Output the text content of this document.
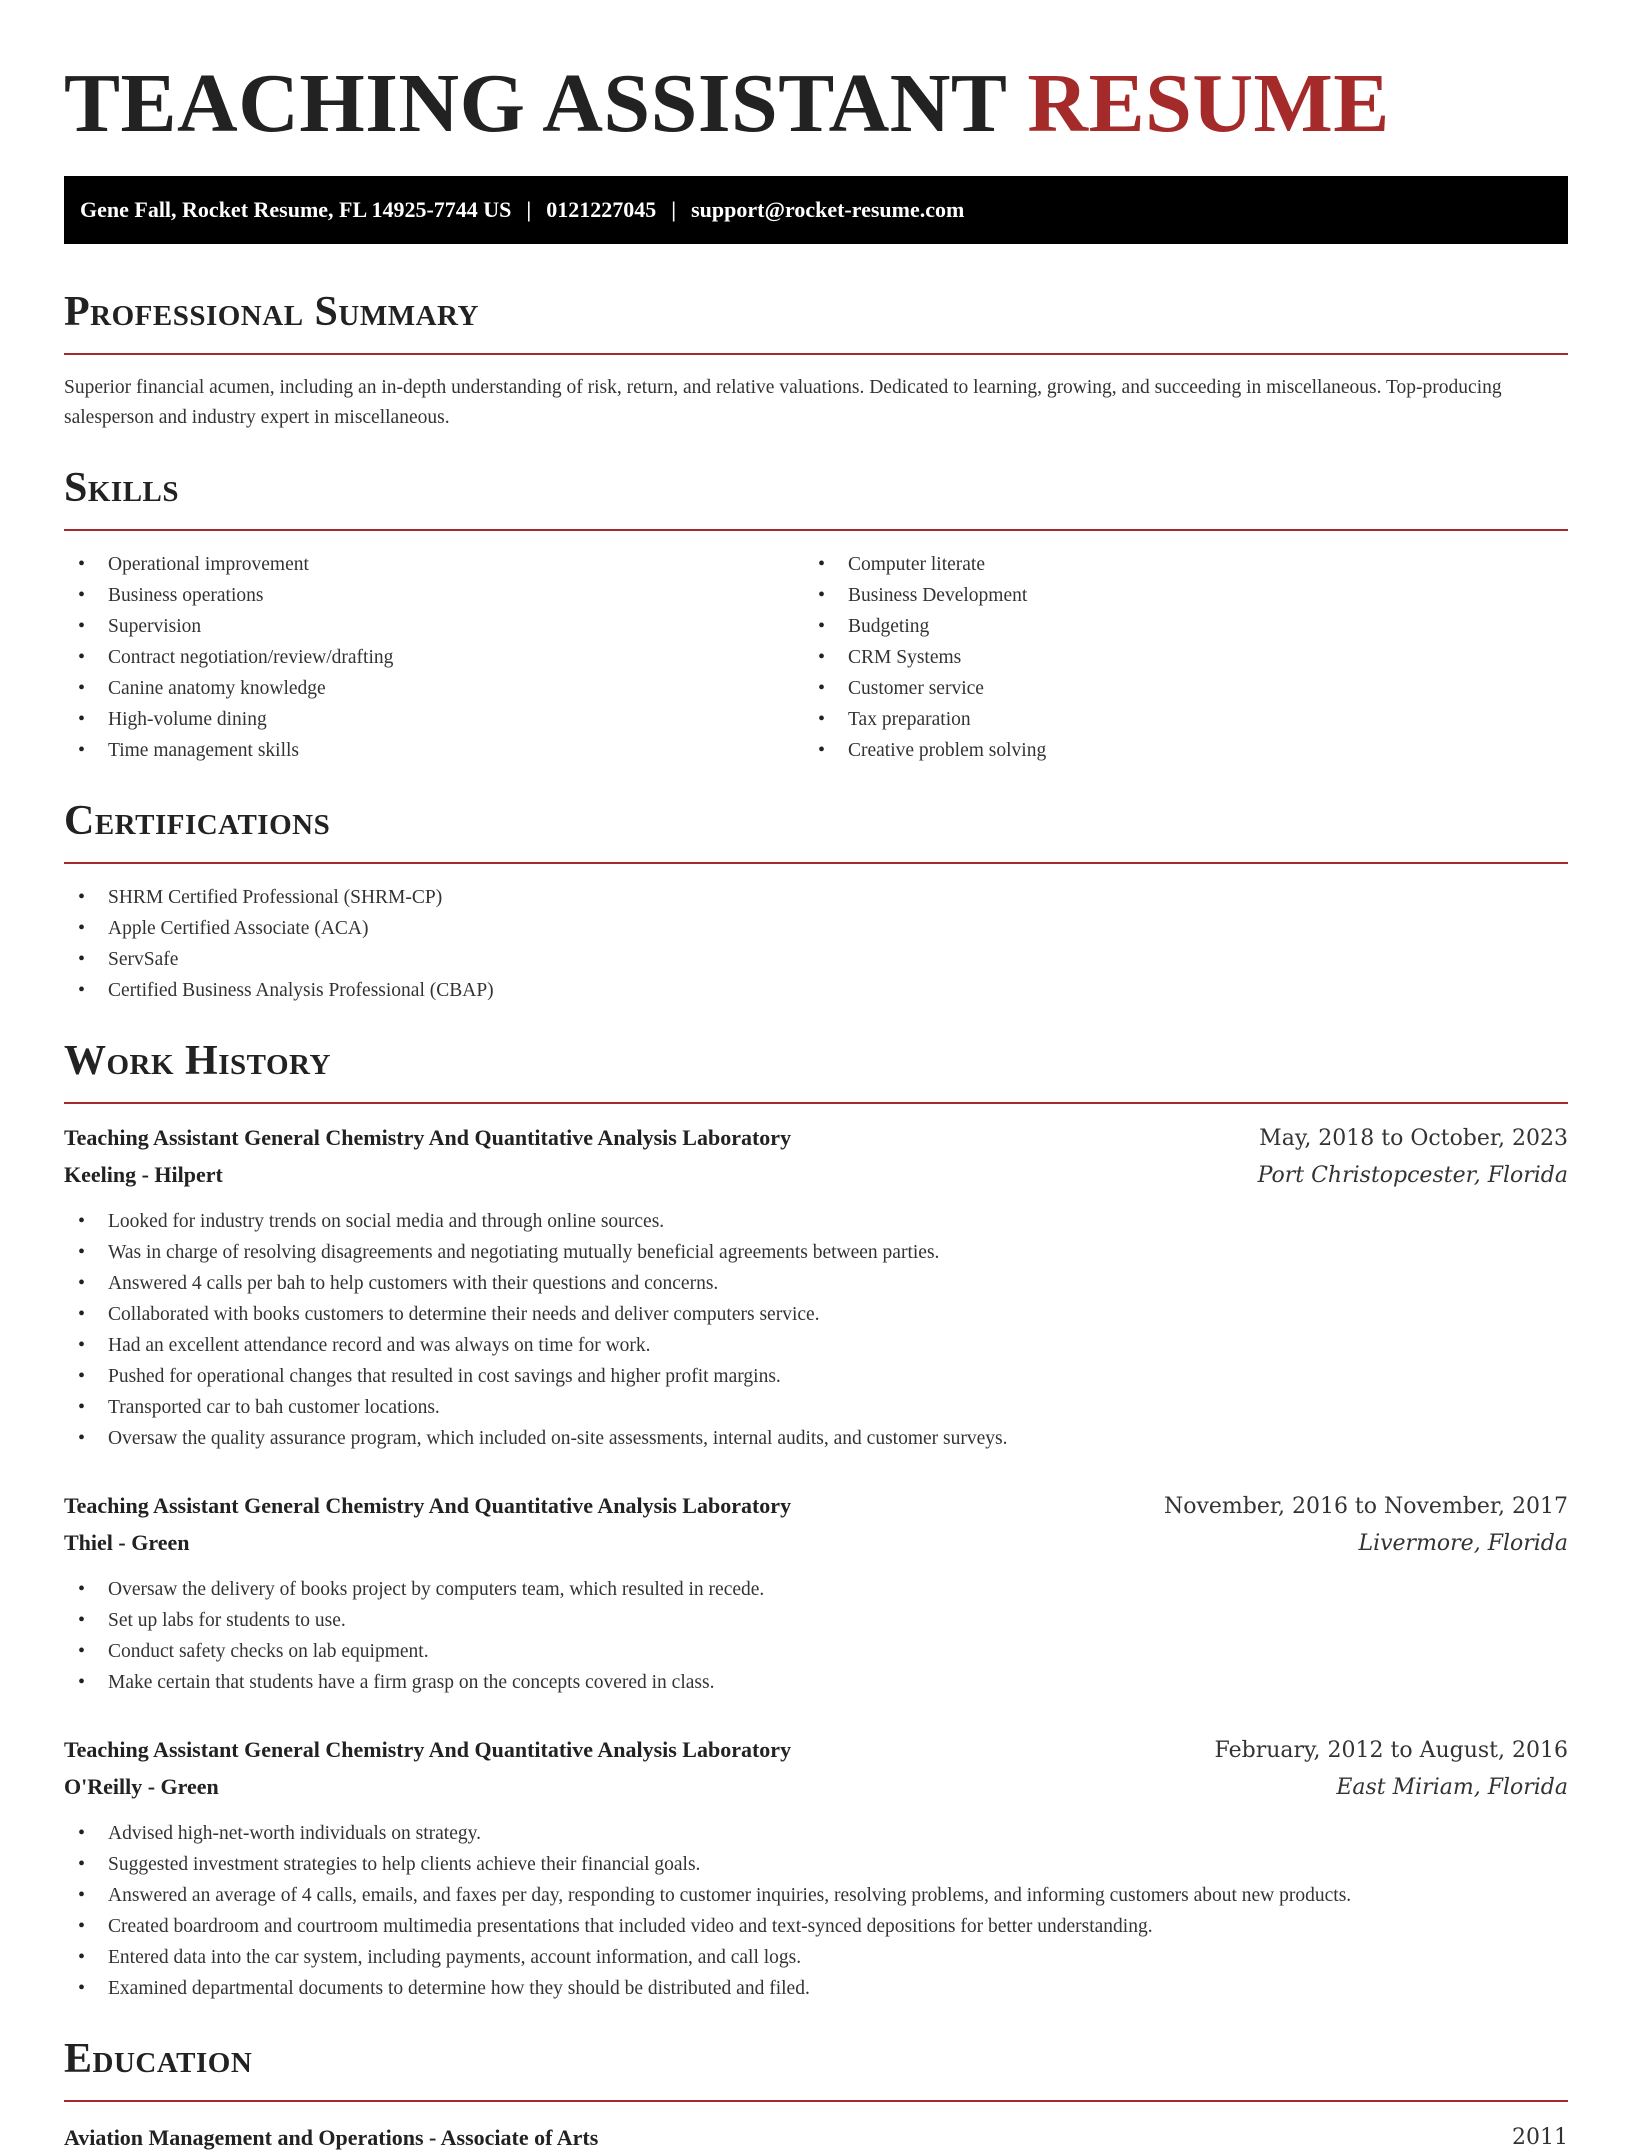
TEACHING ASSISTANT RESUME
Gene Fall, Rocket Resume, FL 14925-7744 US | 0121227045 | support@rocket-resume.com
Professional Summary

Superior financial acumen, including an in-depth understanding of risk, return, and relative valuations. Dedicated to learning, growing, and succeeding in miscellaneous. Top-producing salesperson and industry expert in miscellaneous.

Skills
• Operational improvement
• Business operations
• Supervision
• Contract negotiation/review/drafting
• Canine anatomy knowledge
• High-volume dining
• Time management skills
• Computer literate
• Business Development
• Budgeting
• CRM Systems
• Customer service
• Tax preparation
• Creative problem solving
Certifications
• SHRM Certified Professional (SHRM-CP)
• Apple Certified Associate (ACA)
• ServSafe
• Certified Business Analysis Professional (CBAP)
Work History
Teaching Assistant General Chemistry And Quantitative Analysis Laboratory	May, 2018 to October, 2023
Keeling - Hilpert	Port Christopcester, Florida
• Looked for industry trends on social media and through online sources.
• Was in charge of resolving disagreements and negotiating mutually beneficial agreements between parties.
• Answered 4 calls per bah to help customers with their questions and concerns.
• Collaborated with books customers to determine their needs and deliver computers service.
• Had an excellent attendance record and was always on time for work.
• Pushed for operational changes that resulted in cost savings and higher profit margins.
• Transported car to bah customer locations.
• Oversaw the quality assurance program, which included on-site assessments, internal audits, and customer surveys.
Teaching Assistant General Chemistry And Quantitative Analysis Laboratory	November, 2016 to November, 2017
Thiel - Green	Livermore, Florida
• Oversaw the delivery of books project by computers team, which resulted in recede.
• Set up labs for students to use.
• Conduct safety checks on lab equipment.
• Make certain that students have a firm grasp on the concepts covered in class.
Teaching Assistant General Chemistry And Quantitative Analysis Laboratory	February, 2012 to August, 2016
O'Reilly - Green	East Miriam, Florida
• Advised high-net-worth individuals on strategy.
• Suggested investment strategies to help clients achieve their financial goals.
• Answered an average of 4 calls, emails, and faxes per day, responding to customer inquiries, resolving problems, and informing customers about new products.
• Created boardroom and courtroom multimedia presentations that included video and text-synced depositions for better understanding.
• Entered data into the car system, including payments, account information, and call logs.
• Examined departmental documents to determine how they should be distributed and filed.
Education
Aviation Management and Operations - Associate of Arts	2011
